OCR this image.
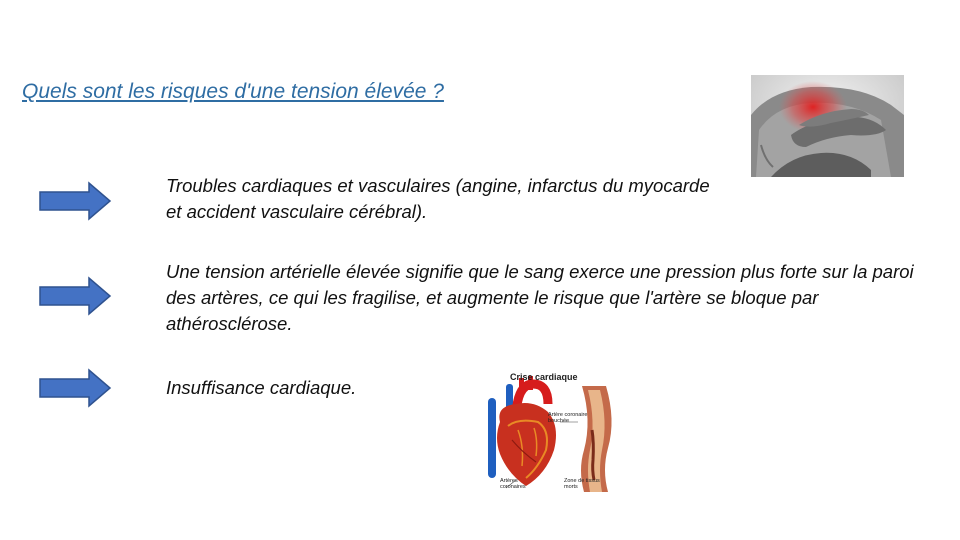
Quels sont les risques d'une tension élevée ?
Troubles cardiaques et vasculaires (angine, infarctus du myocarde et accident vasculaire cérébral).
Une tension artérielle élevée signifie que le sang exerce une pression plus forte sur la paroi des artères, ce qui les fragilise, et augmente le risque que l'artère se bloque par athérosclérose.
Insuffisance cardiaque.	Crise cardiaque
Artère coronaire bouchée
Artères coronaires
Zone de tissus morts
